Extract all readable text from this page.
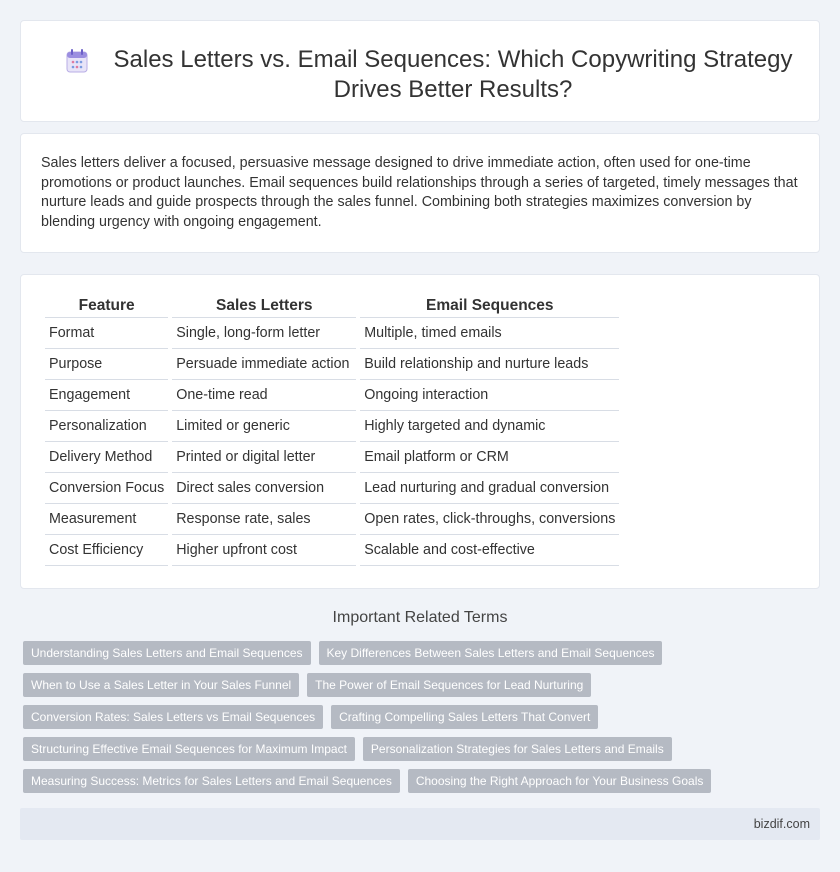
Sales Letters vs. Email Sequences: Which Copywriting Strategy Drives Better Results?

Sales letters deliver a focused, persuasive message designed to drive immediate action, often used for one-time promotions or product launches. Email sequences build relationships through a series of targeted, timely messages that nurture leads and guide prospects through the sales funnel. Combining both strategies maximizes conversion by blending urgency with ongoing engagement.

Feature	Sales Letters	Email Sequences
Format	Single, long-form letter	Multiple, timed emails
Purpose	Persuade immediate action	Build relationship and nurture leads
Engagement	One-time read	Ongoing interaction
Personalization	Limited or generic	Highly targeted and dynamic
Delivery Method	Printed or digital letter	Email platform or CRM
Conversion Focus	Direct sales conversion	Lead nurturing and gradual conversion
Measurement	Response rate, sales	Open rates, click-throughs, conversions
Cost Efficiency	Higher upfront cost	Scalable and cost-effective
Important Related Terms
Understanding Sales Letters and Email Sequences	Key Differences Between Sales Letters and Email Sequences
When to Use a Sales Letter in Your Sales Funnel	The Power of Email Sequences for Lead Nurturing
Conversion Rates: Sales Letters vs Email Sequences	Crafting Compelling Sales Letters That Convert
Structuring Effective Email Sequences for Maximum Impact	Personalization Strategies for Sales Letters and Emails
Measuring Success: Metrics for Sales Letters and Email Sequences	Choosing the Right Approach for Your Business Goals
bizdif.com
